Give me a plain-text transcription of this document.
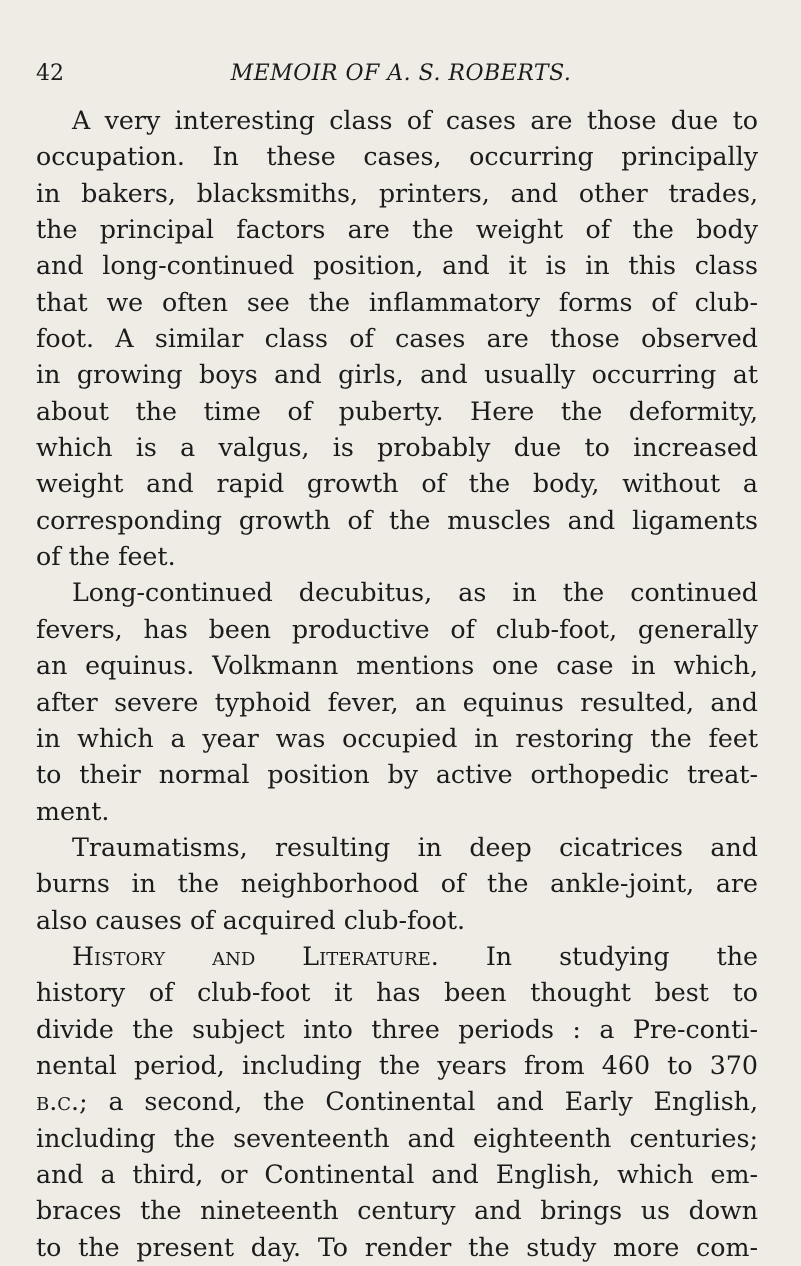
42	MEMOIR OF A. S. ROBERTS.
A very interesting class of cases are those due to
occupation. In these cases, occurring principally
in bakers, blacksmiths, printers, and other trades,
the principal factors are the weight of the body
and long-continued position, and it is in this class
that we often see the inflammatory forms of club-
foot. A similar class of cases are those observed
in growing boys and girls, and usually occurring at
about the time of puberty. Here the deformity,
which is a valgus, is probably due to increased
weight and rapid growth of the body, without a
corresponding growth of the muscles and ligaments
of the feet.
Long-continued decubitus, as in the continued
fevers, has been productive of club-foot, generally
an equinus. Volkmann mentions one case in which,
after severe typhoid fever, an equinus resulted, and
in which a year was occupied in restoring the feet
to their normal position by active orthopedic treat-
ment.
Traumatisms, resulting in deep cicatrices and
burns in the neighborhood of the ankle-joint, are
also causes of acquired club-foot.
History and Literature. In studying the
history of club-foot it has been thought best to
divide the subject into three periods : a Pre-conti-
nental period, including the years from 460 to 370
b.c.; a second, the Continental and Early English,
including the seventeenth and eighteenth centuries;
and a third, or Continental and English, which em-
braces the nineteenth century and brings us down
to the present day. To render the study more com-
